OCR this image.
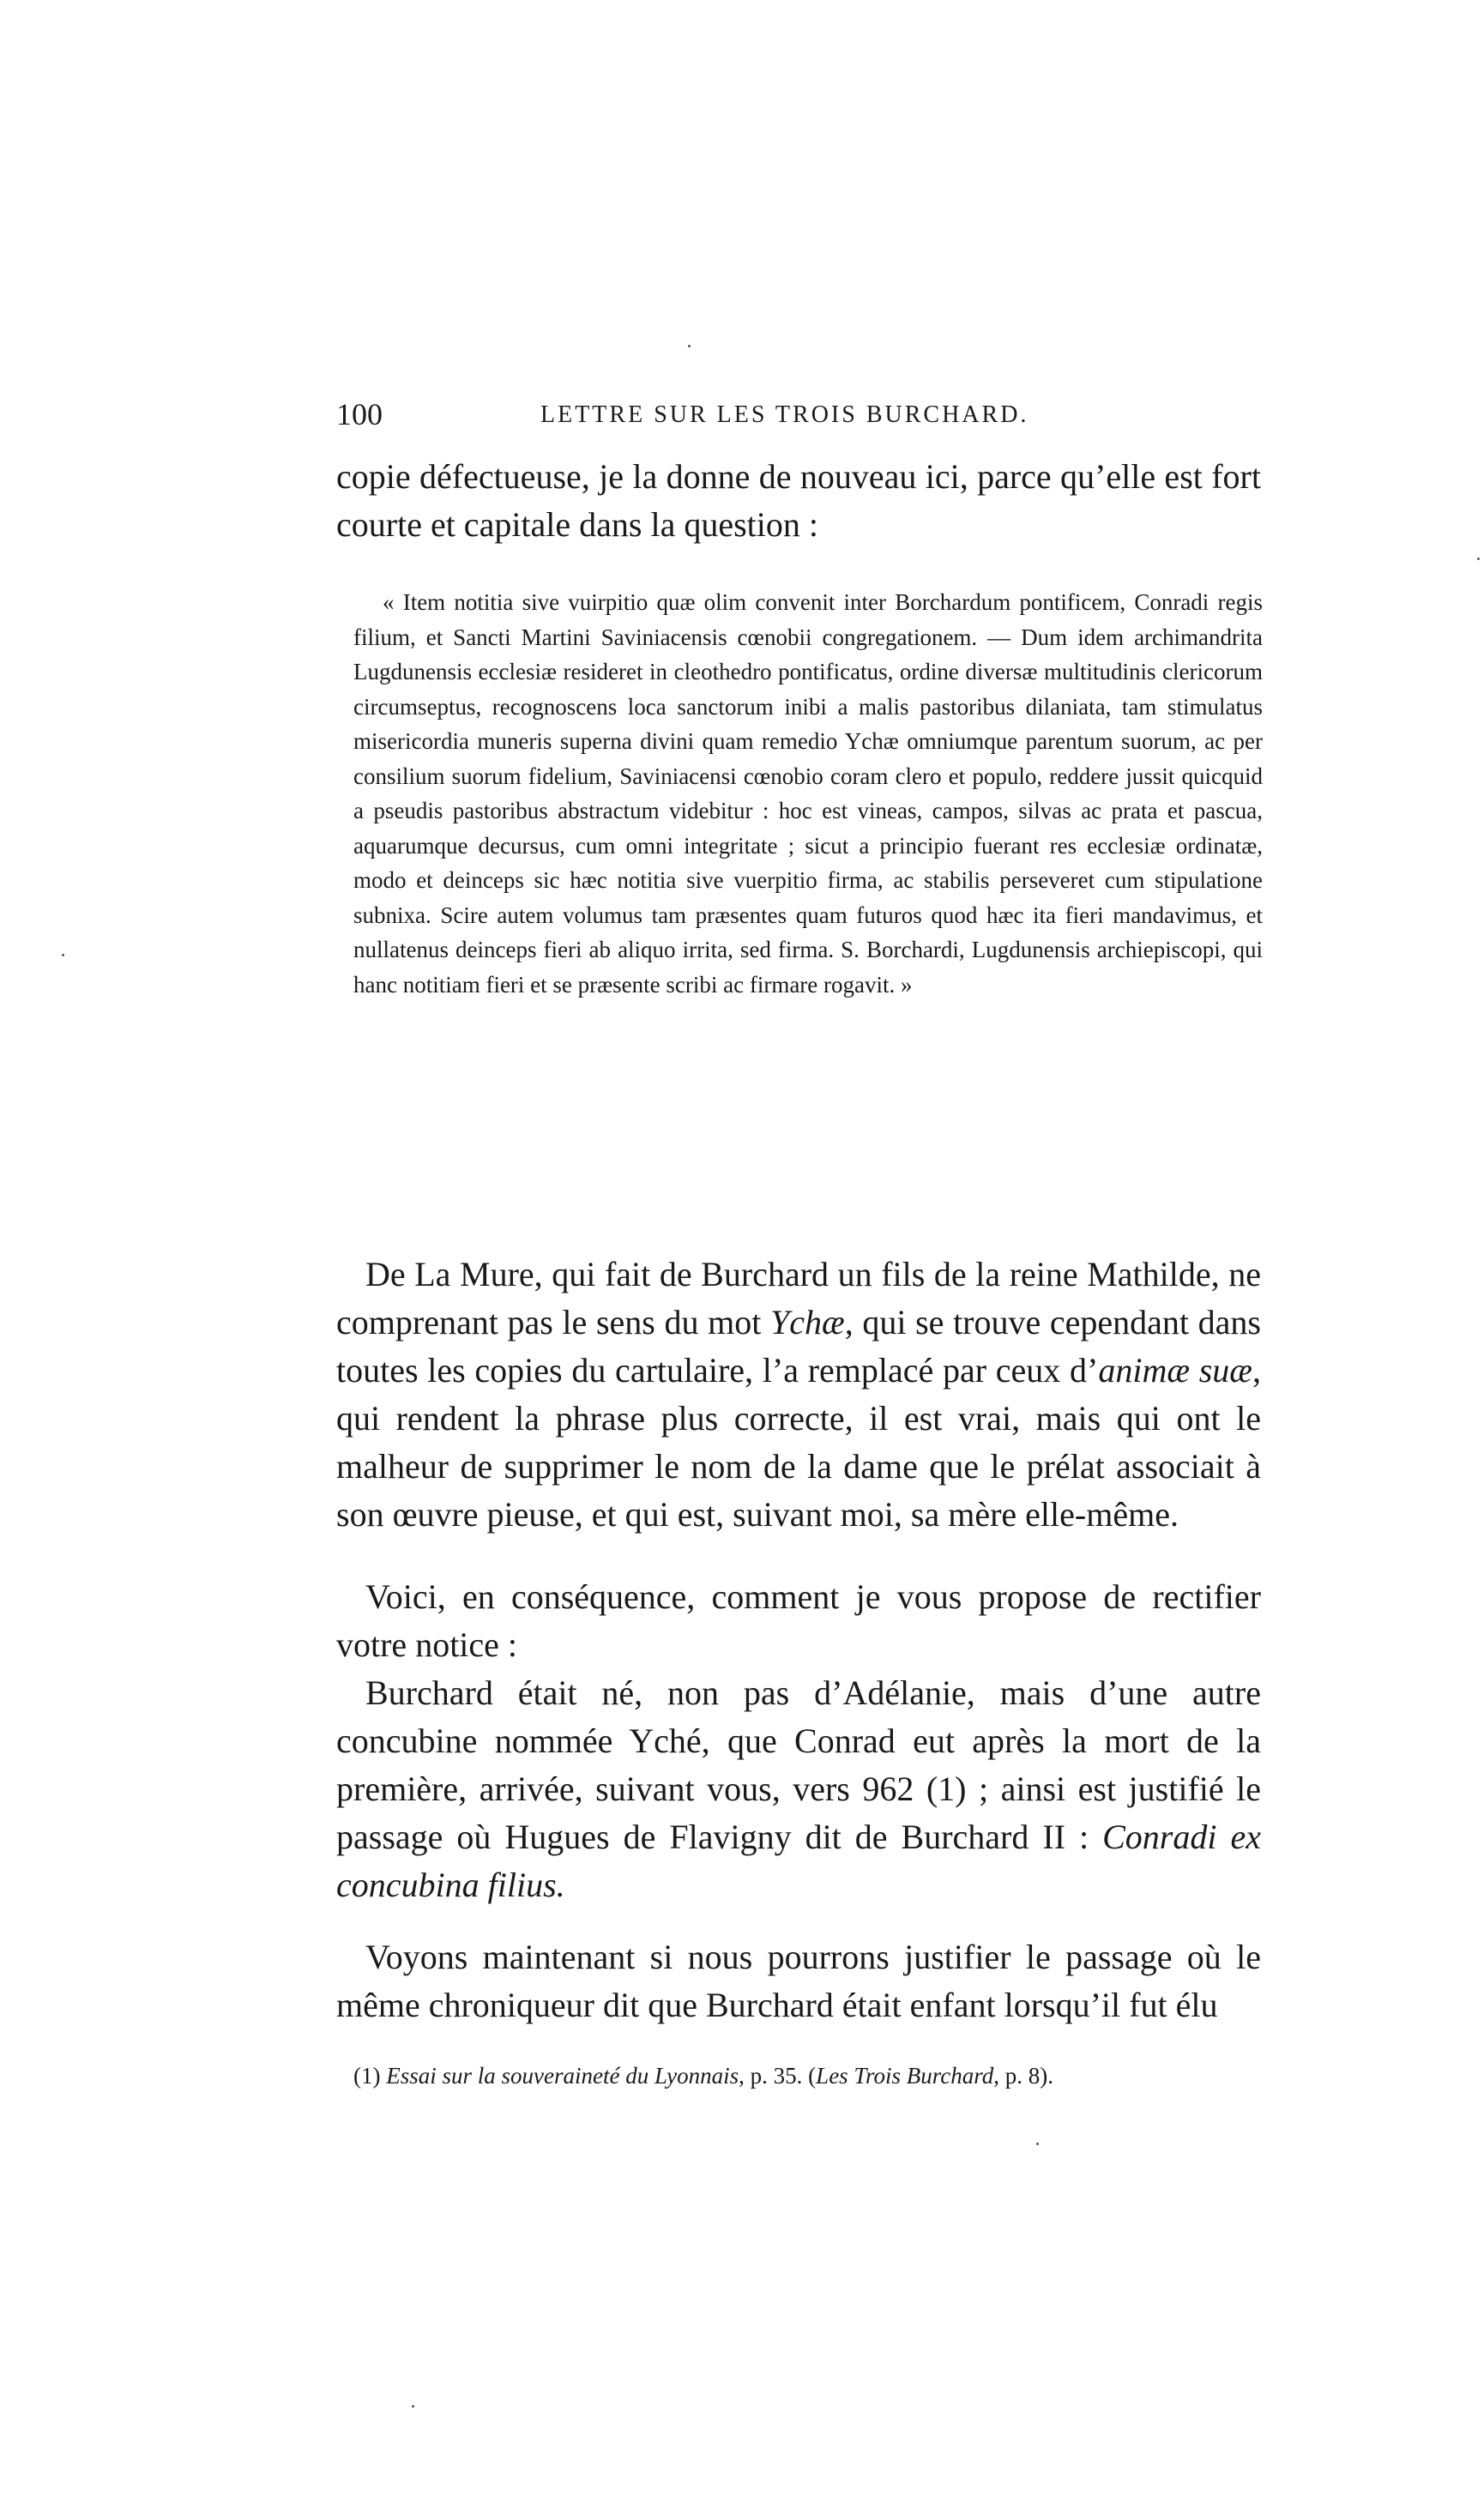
100	LETTRE SUR LES TROIS BURCHARD.

copie défectueuse, je la donne de nouveau ici, parce qu’elle est fort courte et capitale dans la question :

« Item notitia sive vuirpitio quæ olim convenit inter Borchardum pontificem, Conradi regis filium, et Sancti Martini Saviniacensis cœnobii congregationem. — Dum idem archimandrita Lugdunensis ecclesiæ resideret in cleothedro pontificatus, ordine diversæ multitudinis clericorum circumseptus, recognoscens loca sanctorum inibi a malis pastoribus dilaniata, tam stimulatus misericordia muneris superna divini quam remedio Ychæ omniumque parentum suorum, ac per consilium suorum fidelium, Saviniacensi cœnobio coram clero et populo, reddere jussit quicquid a pseudis pastoribus abstractum videbitur : hoc est vineas, campos, silvas ac prata et pascua, aquarumque decursus, cum omni integritate ; sicut a principio fuerant res ecclesiæ ordinatæ, modo et deinceps sic hæc notitia sive vuerpitio firma, ac stabilis perseveret cum stipulatione subnixa. Scire autem volumus tam præsentes quam futuros quod hæc ita fieri mandavimus, et nullatenus deinceps fieri ab aliquo irrita, sed firma. S. Borchardi, Lugdunensis archiepiscopi, qui hanc notitiam fieri et se præsente scribi ac firmare rogavit. »

De La Mure, qui fait de Burchard un fils de la reine Mathilde, ne comprenant pas le sens du mot Ychæ, qui se trouve cependant dans toutes les copies du cartulaire, l’a remplacé par ceux d’animæ suæ, qui rendent la phrase plus correcte, il est vrai, mais qui ont le malheur de supprimer le nom de la dame que le prélat associait à son œuvre pieuse, et qui est, suivant moi, sa mère elle-même.

Voici, en conséquence, comment je vous propose de rectifier votre notice :

Burchard était né, non pas d’Adélanie, mais d’une autre concubine nommée Yché, que Conrad eut après la mort de la première, arrivée, suivant vous, vers 962 (1) ; ainsi est justifié le passage où Hugues de Flavigny dit de Burchard II : Conradi ex concubina filius.

Voyons maintenant si nous pourrons justifier le passage où le même chroniqueur dit que Burchard était enfant lorsqu’il fut élu

(1) Essai sur la souveraineté du Lyonnais, p. 35. (Les Trois Burchard, p. 8).
